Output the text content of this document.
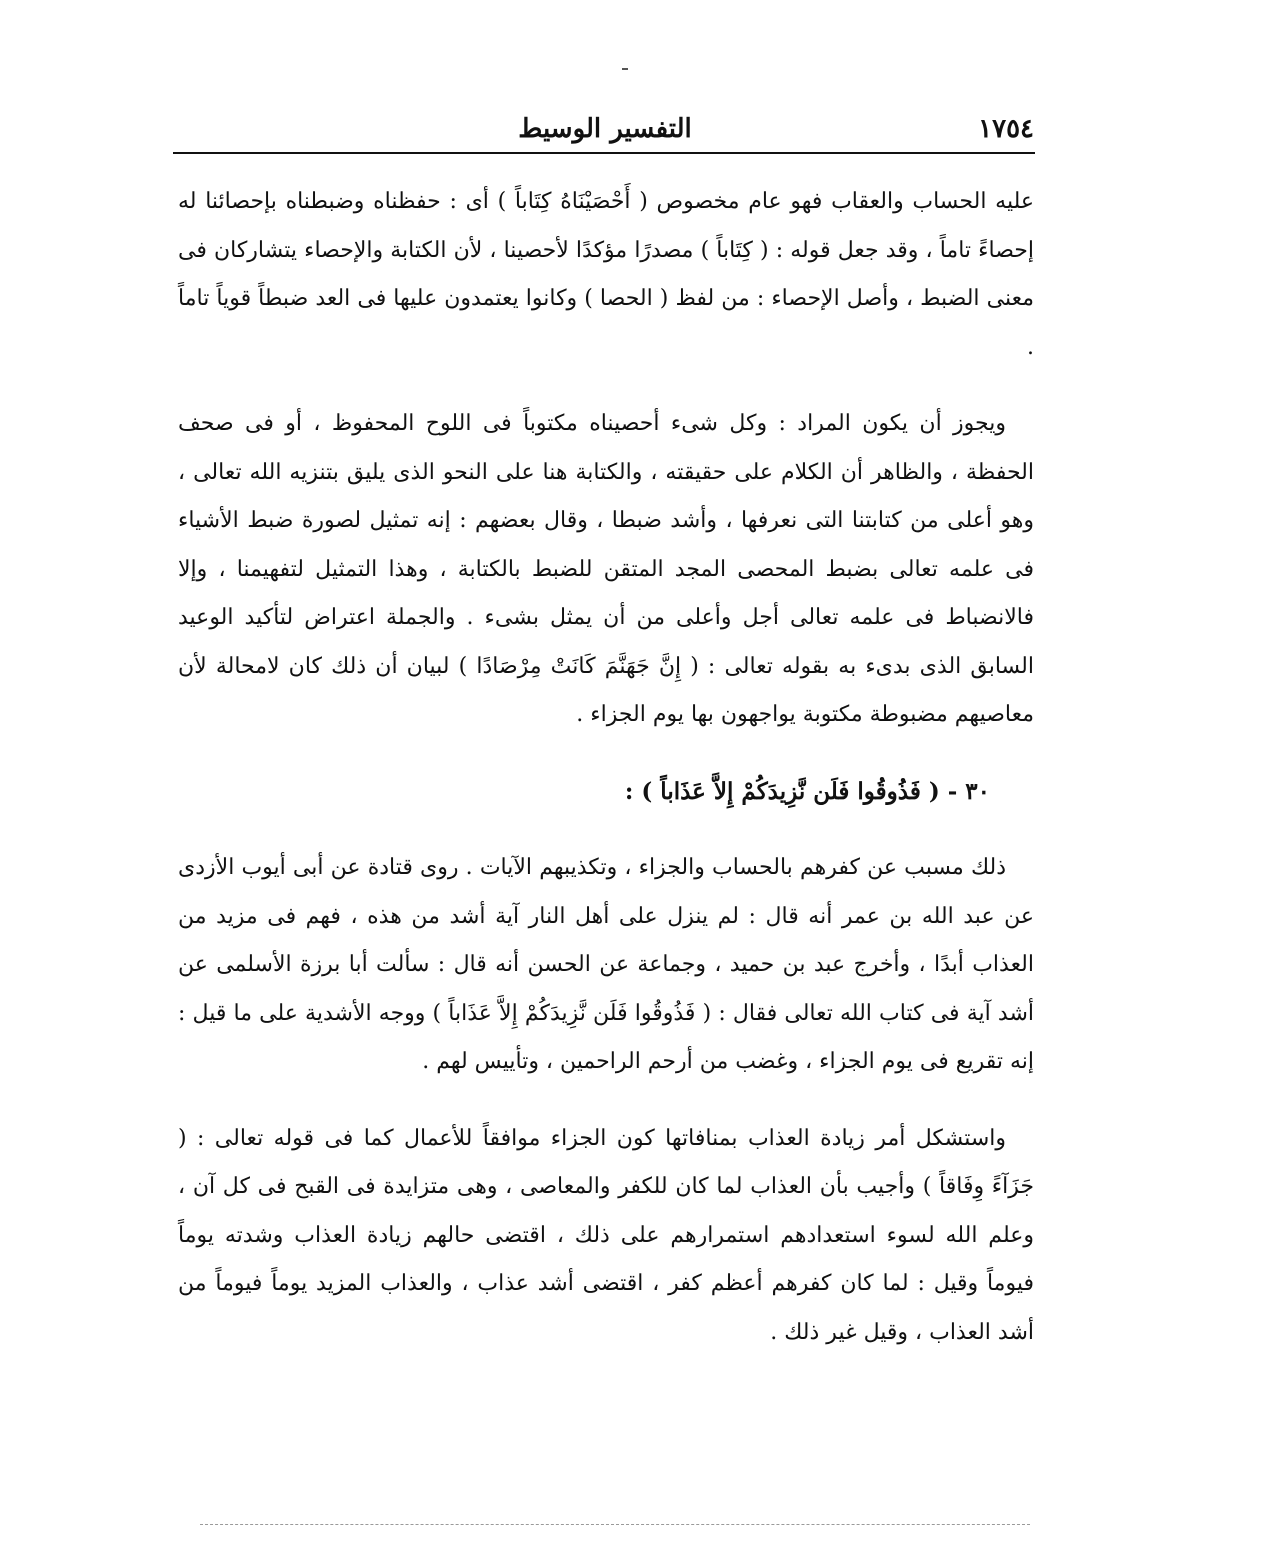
١٧٥٤
التفسير الوسيط

عليه الحساب والعقاب فهو عام مخصوص ( أَحْصَيْنَاهُ كِتَاباً ) أى : حفظناه وضبطناه بإحصائنا له إحصاءً تاماً ، وقد جعل قوله : ( كِتَاباً ) مصدرًا مؤكدًا لأحصينا ، لأن الكتابة والإحصاء يتشاركان فى معنى الضبط ، وأصل الإحصاء : من لفظ ( الحصا ) وكانوا يعتمدون عليها فى العد ضبطاً قوياً تاماً .

ويجوز أن يكون المراد : وكل شىء أحصيناه مكتوباً فى اللوح المحفوظ ، أو فى صحف الحفظة ، والظاهر أن الكلام على حقيقته ، والكتابة هنا على النحو الذى يليق بتنزيه الله تعالى ، وهو أعلى من كتابتنا التى نعرفها ، وأشد ضبطا ، وقال بعضهم : إنه تمثيل لصورة ضبط الأشياء فى علمه تعالى بضبط المحصى المجد المتقن للضبط بالكتابة ، وهذا التمثيل لتفهيمنا ، وإلا فالانضباط فى علمه تعالى أجل وأعلى من أن يمثل بشىء . والجملة اعتراض لتأكيد الوعيد السابق الذى بدىء به بقوله تعالى : ( إِنَّ جَهَنَّمَ كَانَتْ مِرْصَادًا ) لبيان أن ذلك كان لامحالة لأن معاصيهم مضبوطة مكتوبة يواجهون بها يوم الجزاء .

٣٠ - ( فَذُوقُوا فَلَن نَّزِيدَكُمْ إِلاَّ عَذَاباً ) :

ذلك مسبب عن كفرهم بالحساب والجزاء ، وتكذيبهم الآيات . روى قتادة عن أبى أيوب الأزدى عن عبد الله بن عمر أنه قال : لم ينزل على أهل النار آية أشد من هذه ، فهم فى مزيد من العذاب أبدًا ، وأخرج عبد بن حميد ، وجماعة عن الحسن أنه قال : سألت أبا برزة الأسلمى عن أشد آية فى كتاب الله تعالى فقال : ( فَذُوقُوا فَلَن نَّزِيدَكُمْ إِلاَّ عَذَاباً ) ووجه الأشدية على ما قيل : إنه تقريع فى يوم الجزاء ، وغضب من أرحم الراحمين ، وتأييس لهم .

واستشكل أمر زيادة العذاب بمنافاتها كون الجزاء موافقاً للأعمال كما فى قوله تعالى : ( جَزَآءً وِفَاقاً ) وأجيب بأن العذاب لما كان للكفر والمعاصى ، وهى متزايدة فى القبح فى كل آن ، وعلم الله لسوء استعدادهم استمرارهم على ذلك ، اقتضى حالهم زيادة العذاب وشدته يوماً فيوماً وقيل : لما كان كفرهم أعظم كفر ، اقتضى أشد عذاب ، والعذاب المزيد يوماً فيوماً من أشد العذاب ، وقيل غير ذلك .
